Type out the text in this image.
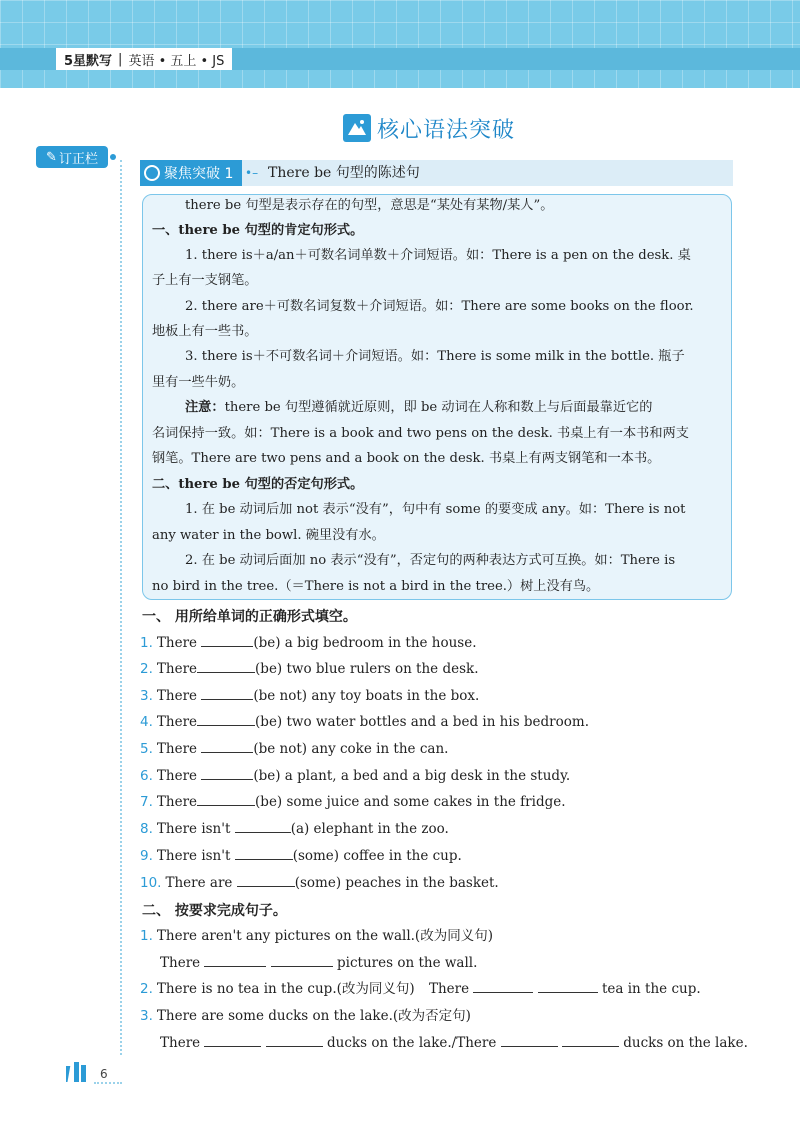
5星默写 | 英语 • 五上 • JS
核心语法突破
✎ 订正栏
聚焦突破 1 •– There be 句型的陈述句
there be 句型是表示存在的句型，意思是“某处有某物/某人”。
一、there be 句型的肯定句形式。
1. there is＋a/an＋可数名词单数＋介词短语。如：There is a pen on the desk. 桌
子上有一支钢笔。
2. there are＋可数名词复数＋介词短语。如：There are some books on the floor.
地板上有一些书。
3. there is＋不可数名词＋介词短语。如：There is some milk in the bottle. 瓶子
里有一些牛奶。
注意：there be 句型遵循就近原则，即 be 动词在人称和数上与后面最靠近它的
名词保持一致。如：There is a book and two pens on the desk. 书桌上有一本书和两支
钢笔。There are two pens and a book on the desk. 书桌上有两支钢笔和一本书。
二、there be 句型的否定句形式。
1. 在 be 动词后加 not 表示“没有”，句中有 some 的要变成 any。如：There is not
any water in the bowl. 碗里没有水。
2. 在 be 动词后面加 no 表示“没有”，否定句的两种表达方式可互换。如：There is
no bird in the tree.（＝There is not a bird in the tree.）树上没有鸟。
一、 用所给单词的正确形式填空。
1. There	(be) a big bedroom in the house.
2. There	(be) two blue rulers on the desk.
3. There	(be not) any toy boats in the box.
4. There	(be) two water bottles and a bed in his bedroom.
5. There	(be not) any coke in the can.
6. There	(be) a plant, a bed and a big desk in the study.
7. There	(be) some juice and some cakes in the fridge.
8. There isn't	(a) elephant in the zoo.
9. There isn't	(some) coffee in the cup.
10. There are	(some) peaches in the basket.
二、 按要求完成句子。
1. There aren't any pictures on the wall.(改为同义句)
There	pictures on the wall.
2. There is no tea in the cup.(改为同义句) There	tea in the cup.
3. There are some ducks on the lake.(改为否定句)
There	ducks on the lake./There	ducks on the lake.
6
